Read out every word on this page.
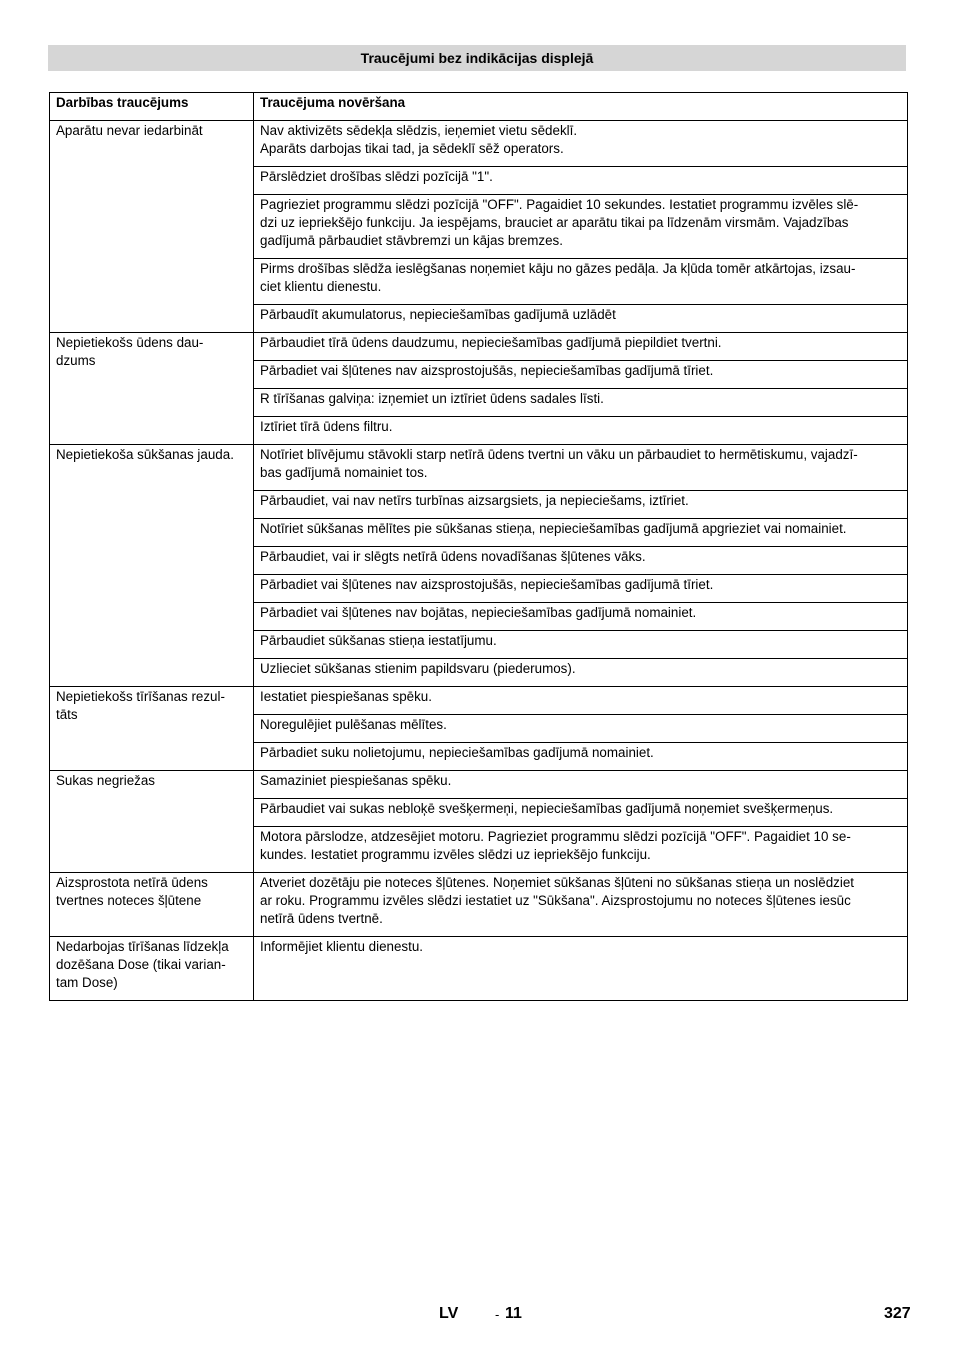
Traucējumi bez indikācijas displejā
Darbības traucējums	Traucējuma novēršana
Aparātu nevar iedarbināt	Nav aktivizēts sēdekļa slēdzis, ieņemiet vietu sēdeklī.
Aparāts darbojas tikai tad, ja sēdeklī sēž operators.
	Pārslēdziet drošības slēdzi pozīcijā "1".
	Pagrieziet programmu slēdzi pozīcijā "OFF". Pagaidiet 10 sekundes. Iestatiet programmu izvēles slē-
dzi uz iepriekšējo funkciju. Ja iespējams, brauciet ar aparātu tikai pa līdzenām virsmām. Vajadzības
gadījumā pārbaudiet stāvbremzi un kājas bremzes.
	Pirms drošības slēdža ieslēgšanas noņemiet kāju no gāzes pedāļa. Ja kļūda tomēr atkārtojas, izsau-
ciet klientu dienestu.
	Pārbaudīt akumulatorus, nepieciešamības gadījumā uzlādēt
Nepietiekošs ūdens dau-
dzums	Pārbaudiet tīrā ūdens daudzumu, nepieciešamības gadījumā piepildiet tvertni.
	Pārbadiet vai šļūtenes nav aizsprostojušās, nepieciešamības gadījumā tīriet.
	R tīrīšanas galviņa: izņemiet un iztīriet ūdens sadales līsti.
	Iztīriet tīrā ūdens filtru.
Nepietiekoša sūkšanas jauda.	Notīriet blīvējumu stāvokli starp netīrā ūdens tvertni un vāku un pārbaudiet to hermētiskumu, vajadzī-
bas gadījumā nomainiet tos.
	Pārbaudiet, vai nav netīrs turbīnas aizsargsiets, ja nepieciešams, iztīriet.
	Notīriet sūkšanas mēlītes pie sūkšanas stieņa, nepieciešamības gadījumā apgrieziet vai nomainiet.
	Pārbaudiet, vai ir slēgts netīrā ūdens novadīšanas šļūtenes vāks.
	Pārbadiet vai šļūtenes nav aizsprostojušās, nepieciešamības gadījumā tīriet.
	Pārbadiet vai šļūtenes nav bojātas, nepieciešamības gadījumā nomainiet.
	Pārbaudiet sūkšanas stieņa iestatījumu.
	Uzlieciet sūkšanas stienim papildsvaru (piederumos).
Nepietiekošs tīrīšanas rezul-
tāts	Iestatiet piespiešanas spēku.
	Noregulējiet pulēšanas mēlītes.
	Pārbadiet suku nolietojumu, nepieciešamības gadījumā nomainiet.
Sukas negriežas	Samaziniet piespiešanas spēku.
	Pārbaudiet vai sukas nebloķē svešķermeņi, nepieciešamības gadījumā noņemiet svešķermeņus.
	Motora pārslodze, atdzesējiet motoru. Pagrieziet programmu slēdzi pozīcijā "OFF". Pagaidiet 10 se-
kundes. Iestatiet programmu izvēles slēdzi uz iepriekšējo funkciju.
Aizsprostota netīrā ūdens
tvertnes noteces šļūtene	Atveriet dozētāju pie noteces šļūtenes. Noņemiet sūkšanas šļūteni no sūkšanas stieņa un noslēdziet
ar roku. Programmu izvēles slēdzi iestatiet uz "Sūkšana". Aizsprostojumu no noteces šļūtenes iesūc
netīrā ūdens tvertnē.
Nedarbojas tīrīšanas līdzekļa
dozēšana Dose (tikai varian-
tam Dose)	Informējiet klientu dienestu.
LV	- 11	327
